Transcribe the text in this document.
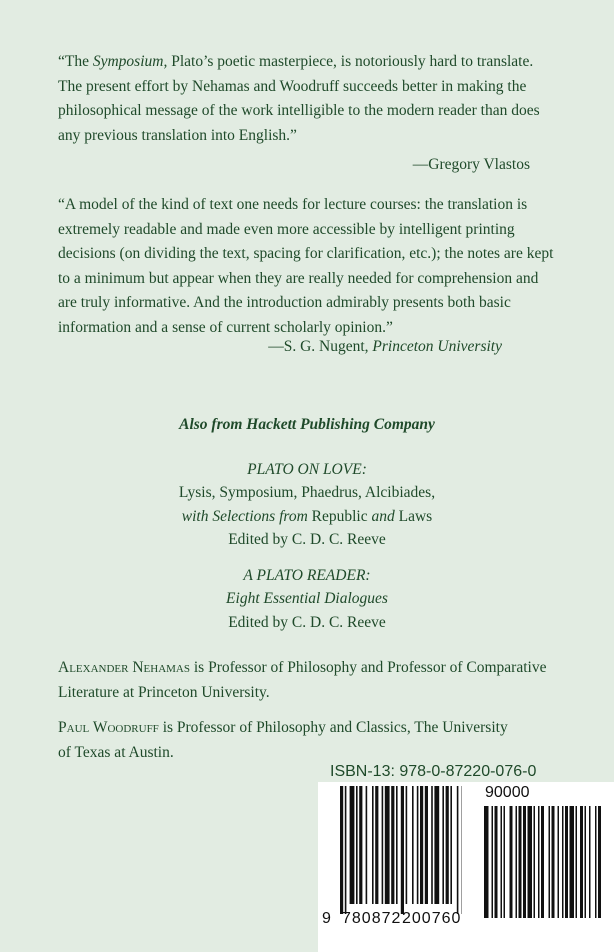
“The Symposium, Plato’s poetic masterpiece, is notoriously hard to translate. The present effort by Nehamas and Woodruff succeeds better in making the philosophical message of the work intelligible to the modern reader than does any previous translation into English.”

—Gregory Vlastos

“A model of the kind of text one needs for lecture courses: the translation is extremely readable and made even more accessible by intelligent printing decisions (on dividing the text, spacing for clarification, etc.); the notes are kept to a minimum but appear when they are really needed for comprehension and are truly informative. And the introduction admirably presents both basic information and a sense of current scholarly opinion.”

—S. G. Nugent, Princeton University
Also from Hackett Publishing Company
PLATO ON LOVE:
Lysis, Symposium, Phaedrus, Alcibiades,
with Selections from Republic and Laws
Edited by C. D. C. Reeve
A PLATO READER:
Eight Essential Dialogues
Edited by C. D. C. Reeve

Alexander Nehamas is Professor of Philosophy and Professor of Comparative Literature at Princeton University.

Paul Woodruff is Professor of Philosophy and Classics, The University of Texas at Austin.

ISBN-13: 978-0-87220-076-0
90000
9 780872 200760
